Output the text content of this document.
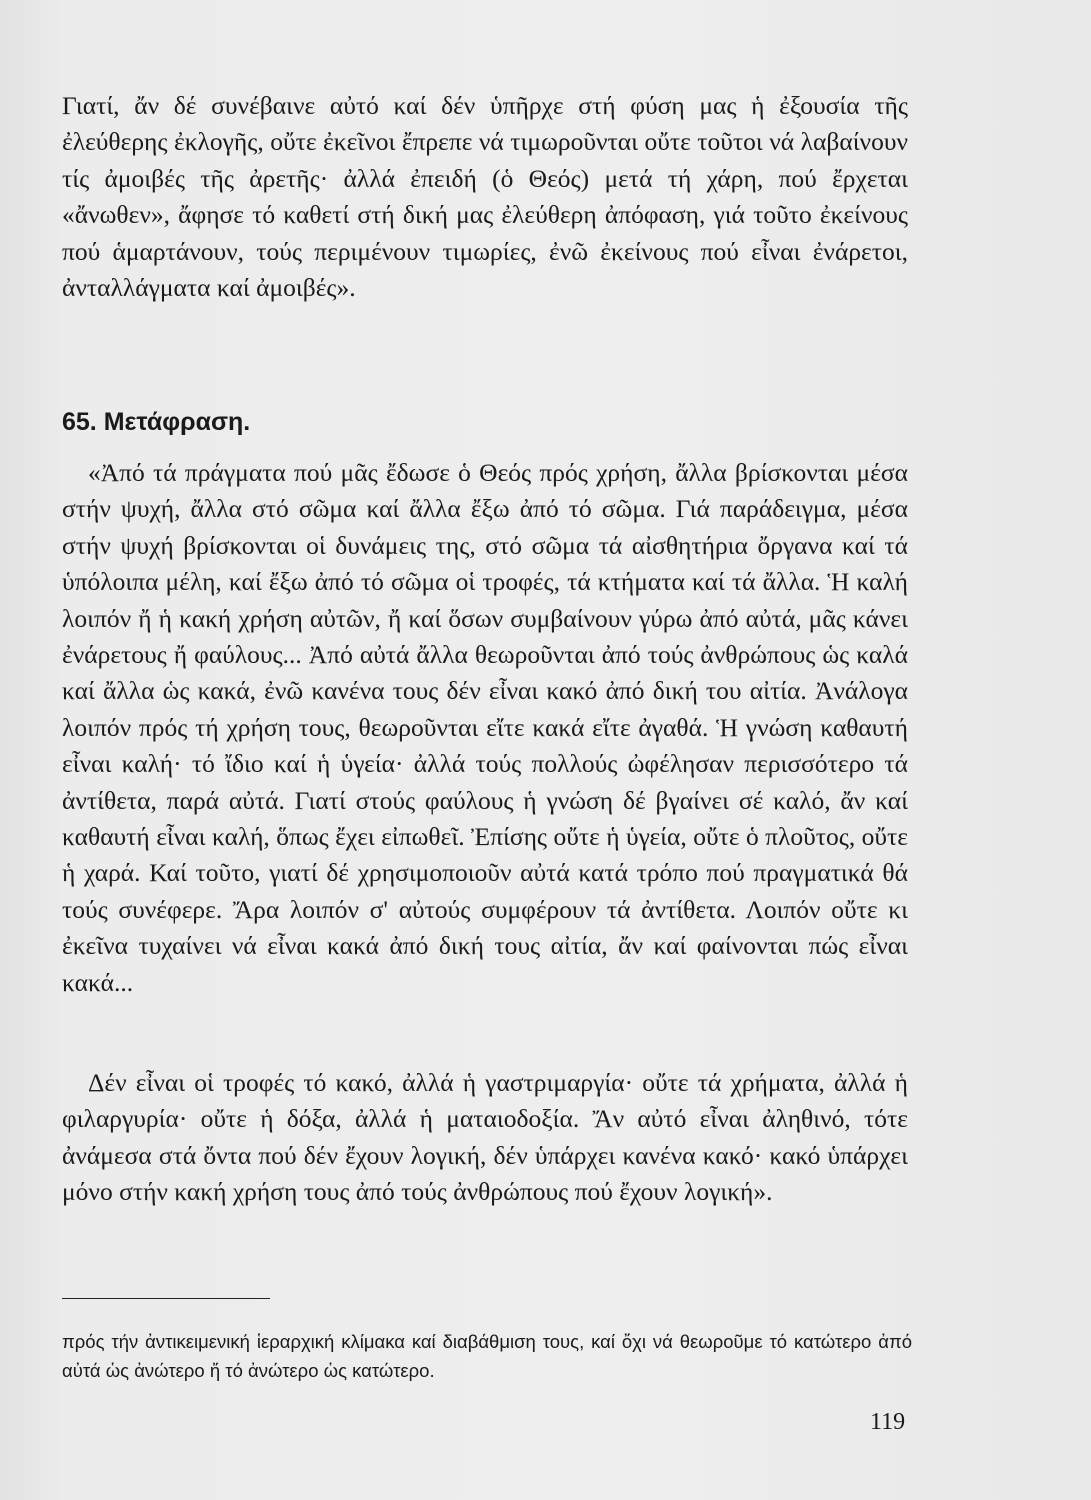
Γιατί, ἄν δέ συνέβαινε αὐτό καί δέν ὑπῆρχε στή φύση μας ἡ ἐξουσία τῆς ἐλεύθερης ἐκλογῆς, οὔτε ἐκεῖνοι ἔπρεπε νά τιμωροῦνται οὔτε τοῦτοι νά λαβαίνουν τίς ἀμοιβές τῆς ἀρετῆς· ἀλλά ἐπειδή (ὁ Θεός) μετά τή χάρη, πού ἔρχεται «ἄνωθεν», ἄφησε τό καθετί στή δική μας ἐλεύθερη ἀπόφαση, γιά τοῦτο ἐκείνους πού ἁμαρτάνουν, τούς περιμένουν τιμωρίες, ἐνῶ ἐκείνους πού εἶναι ἐνάρετοι, ἀνταλλάγματα καί ἀμοιβές».

65. Μετάφραση.

«Ἀπό τά πράγματα πού μᾶς ἔδωσε ὁ Θεός πρός χρήση, ἄλλα βρίσκονται μέσα στήν ψυχή, ἄλλα στό σῶμα καί ἄλλα ἔξω ἀπό τό σῶμα. Γιά παράδειγμα, μέσα στήν ψυχή βρίσκονται οἱ δυνάμεις της, στό σῶμα τά αἰσθητήρια ὄργανα καί τά ὑπόλοιπα μέλη, καί ἔξω ἀπό τό σῶμα οἱ τροφές, τά κτήματα καί τά ἄλλα. Ἡ καλή λοιπόν ἤ ἡ κακή χρήση αὐτῶν, ἤ καί ὅσων συμβαίνουν γύρω ἀπό αὐτά, μᾶς κάνει ἐνάρετους ἤ φαύλους... Ἀπό αὐτά ἄλλα θεωροῦνται ἀπό τούς ἀνθρώπους ὡς καλά καί ἄλλα ὡς κακά, ἐνῶ κανένα τους δέν εἶναι κακό ἀπό δική του αἰτία. Ἀνάλογα λοιπόν πρός τή χρήση τους, θεωροῦνται εἴτε κακά εἴτε ἀγαθά. Ἡ γνώση καθαυτή εἶναι καλή· τό ἴδιο καί ἡ ὑγεία· ἀλλά τούς πολλούς ὠφέλησαν περισσότερο τά ἀντίθετα, παρά αὐτά. Γιατί στούς φαύλους ἡ γνώση δέ βγαίνει σέ καλό, ἄν καί καθαυτή εἶναι καλή, ὅπως ἔχει εἰπωθεῖ. Ἐπίσης οὔτε ἡ ὑγεία, οὔτε ὁ πλοῦτος, οὔτε ἡ χαρά. Καί τοῦτο, γιατί δέ χρησιμοποιοῦν αὐτά κατά τρόπο πού πραγματικά θά τούς συνέφερε. Ἄρα λοιπόν σ' αὐτούς συμφέρουν τά ἀντίθετα. Λοιπόν οὔτε κι ἐκεῖνα τυχαίνει νά εἶναι κακά ἀπό δική τους αἰτία, ἄν καί φαίνονται πώς εἶναι κακά...

Δέν εἶναι οἱ τροφές τό κακό, ἀλλά ἡ γαστριμαργία· οὔτε τά χρήματα, ἀλλά ἡ φιλαργυρία· οὔτε ἡ δόξα, ἀλλά ἡ ματαιοδοξία. Ἄν αὐτό εἶναι ἀληθινό, τότε ἀνάμεσα στά ὄντα πού δέν ἔχουν λογική, δέν ὑπάρχει κανένα κακό· κακό ὑπάρχει μόνο στήν κακή χρήση τους ἀπό τούς ἀνθρώπους πού ἔχουν λογική».

πρός τήν ἀντικειμενική ἱεραρχική κλίμακα καί διαβάθμιση τους, καί ὄχι νά θεωροῦμε τό κατώτερο ἀπό αὐτά ὡς ἀνώτερο ἤ τό ἀνώτερο ὡς κατώτερο.

119
